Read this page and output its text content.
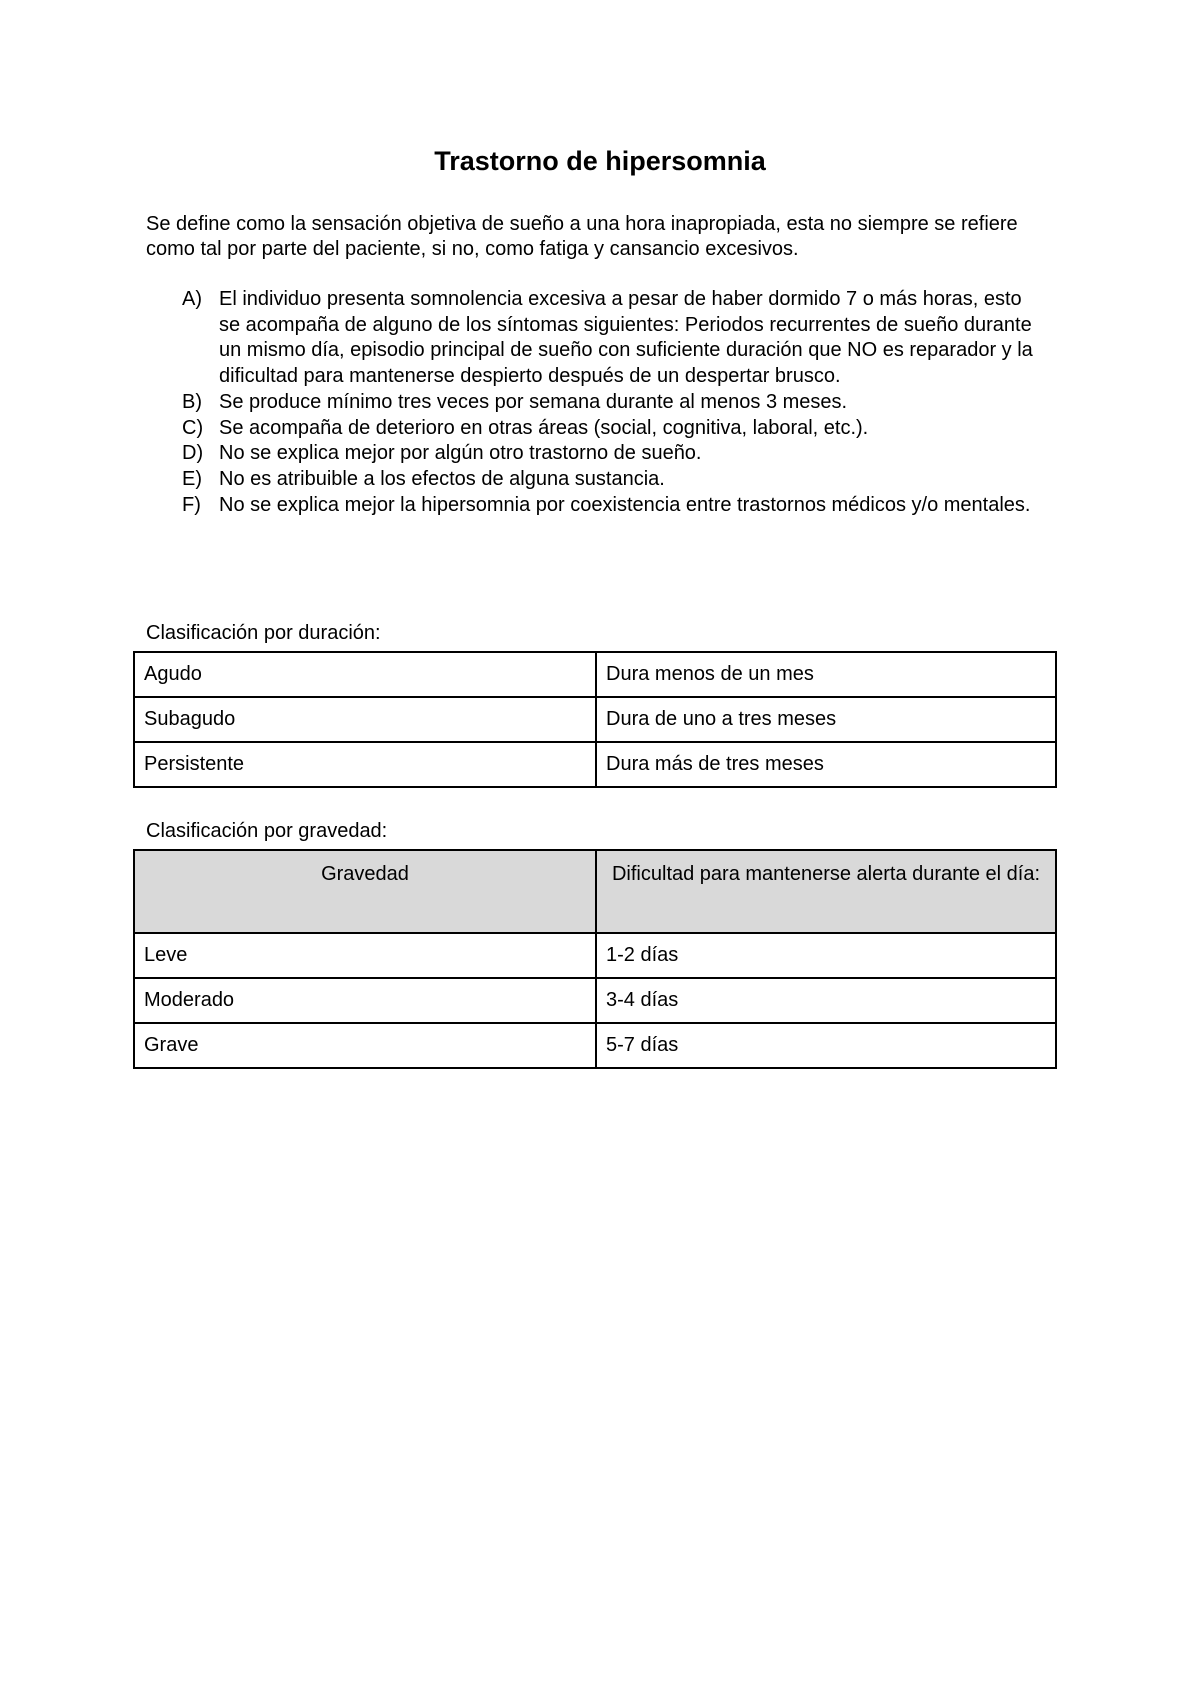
Trastorno de hipersomnia

Se define como la sensación objetiva de sueño a una hora inapropiada, esta no siempre se refiere como tal por parte del paciente, si no, como fatiga y cansancio excesivos.

A) El individuo presenta somnolencia excesiva a pesar de haber dormido 7 o más horas, esto se acompaña de alguno de los síntomas siguientes: Periodos recurrentes de sueño durante un mismo día, episodio principal de sueño con suficiente duración que NO es reparador y la dificultad para mantenerse despierto después de un despertar brusco.
B) Se produce mínimo tres veces por semana durante al menos 3 meses.
C) Se acompaña de deterioro en otras áreas (social, cognitiva, laboral, etc.).
D) No se explica mejor por algún otro trastorno de sueño.
E) No es atribuible a los efectos de alguna sustancia.
F) No se explica mejor la hipersomnia por coexistencia entre trastornos médicos y/o mentales.

Clasificación por duración:

Agudo	Dura menos de un mes
Subagudo	Dura de uno a tres meses
Persistente	Dura más de tres meses

Clasificación por gravedad:

Gravedad	Dificultad para mantenerse alerta durante el día:
Leve	1-2 días
Moderado	3-4 días
Grave	5-7 días
